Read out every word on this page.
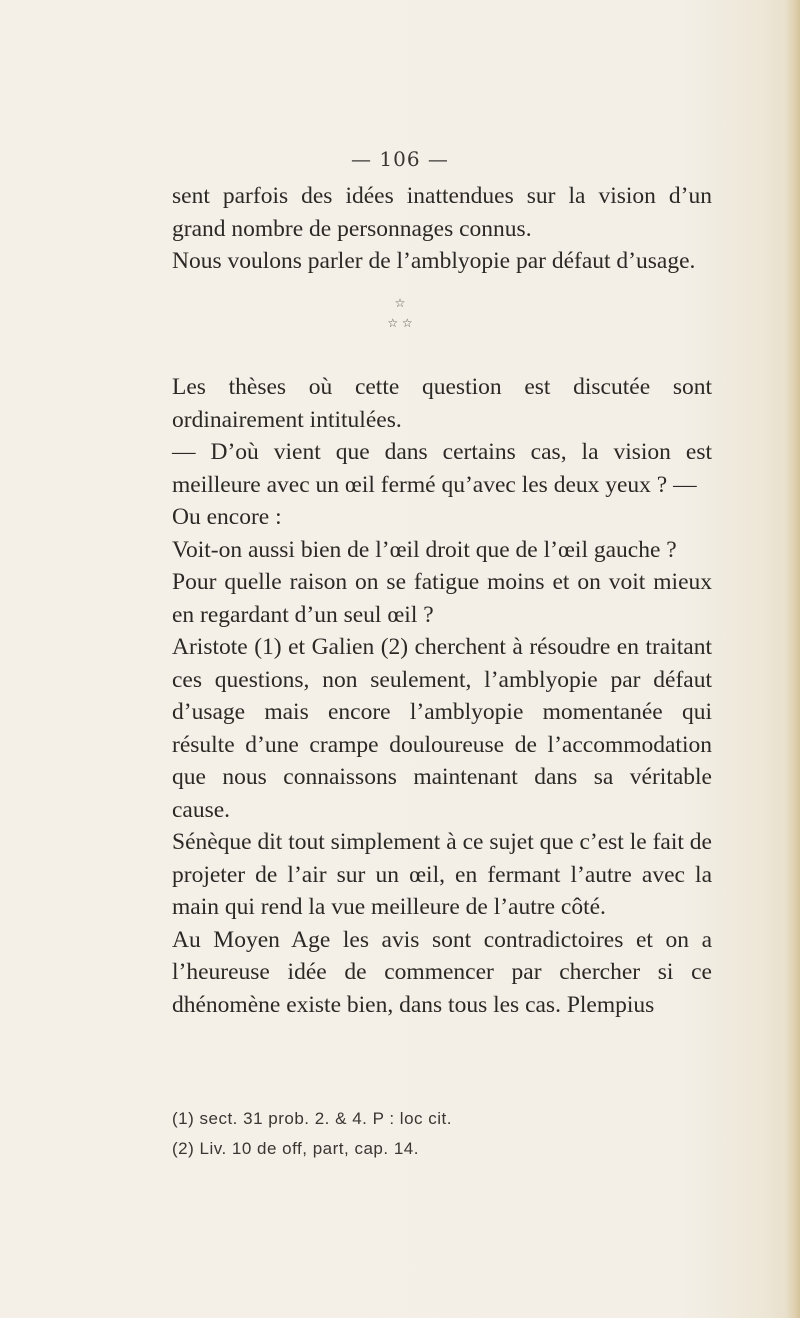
— 106 —

sent parfois des idées inattendues sur la vision d’un grand nombre de personnages connus.

Nous voulons parler de l’amblyopie par défaut d’usage.

☆
☆ ☆

Les thèses où cette question est discutée sont ordinairement intitulées.

— D’où vient que dans certains cas, la vision est meilleure avec un œil fermé qu’avec les deux yeux ? —

Ou encore :

Voit-on aussi bien de l’œil droit que de l’œil gauche ?

Pour quelle raison on se fatigue moins et on voit mieux en regardant d’un seul œil ?

Aristote (1) et Galien (2) cherchent à résoudre en traitant ces questions, non seulement, l’amblyopie par défaut d’usage mais encore l’amblyopie momentanée qui résulte d’une crampe douloureuse de l’accommodation que nous connaissons maintenant dans sa véritable cause.

Sénèque dit tout simplement à ce sujet que c’est le fait de projeter de l’air sur un œil, en fermant l’autre avec la main qui rend la vue meilleure de l’autre côté.

Au Moyen Age les avis sont contradictoires et on a l’heureuse idée de commencer par chercher si ce dhénomène existe bien, dans tous les cas. Plempius

(1) sect. 31 prob. 2. & 4. P : loc cit.
(2) Liv. 10 de off, part, cap. 14.
